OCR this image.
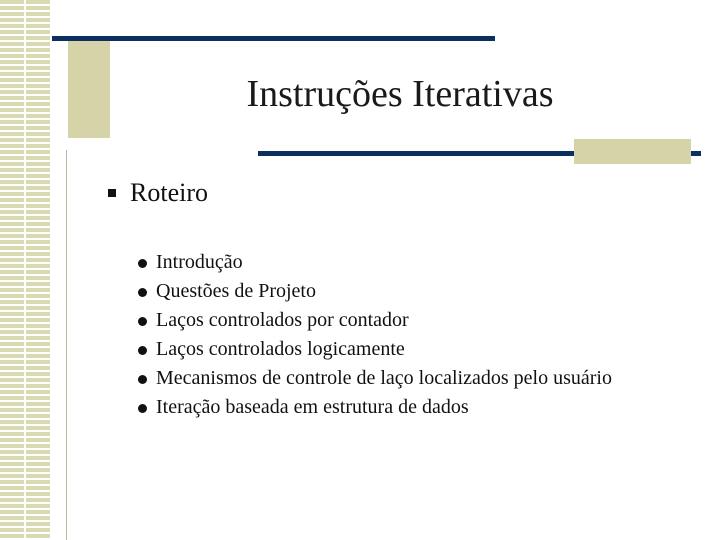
Instruções Iterativas
Roteiro
Introdução
Questões de Projeto
Laços controlados por contador
Laços controlados logicamente
Mecanismos de controle de laço localizados pelo usuário
Iteração baseada em estrutura de dados
